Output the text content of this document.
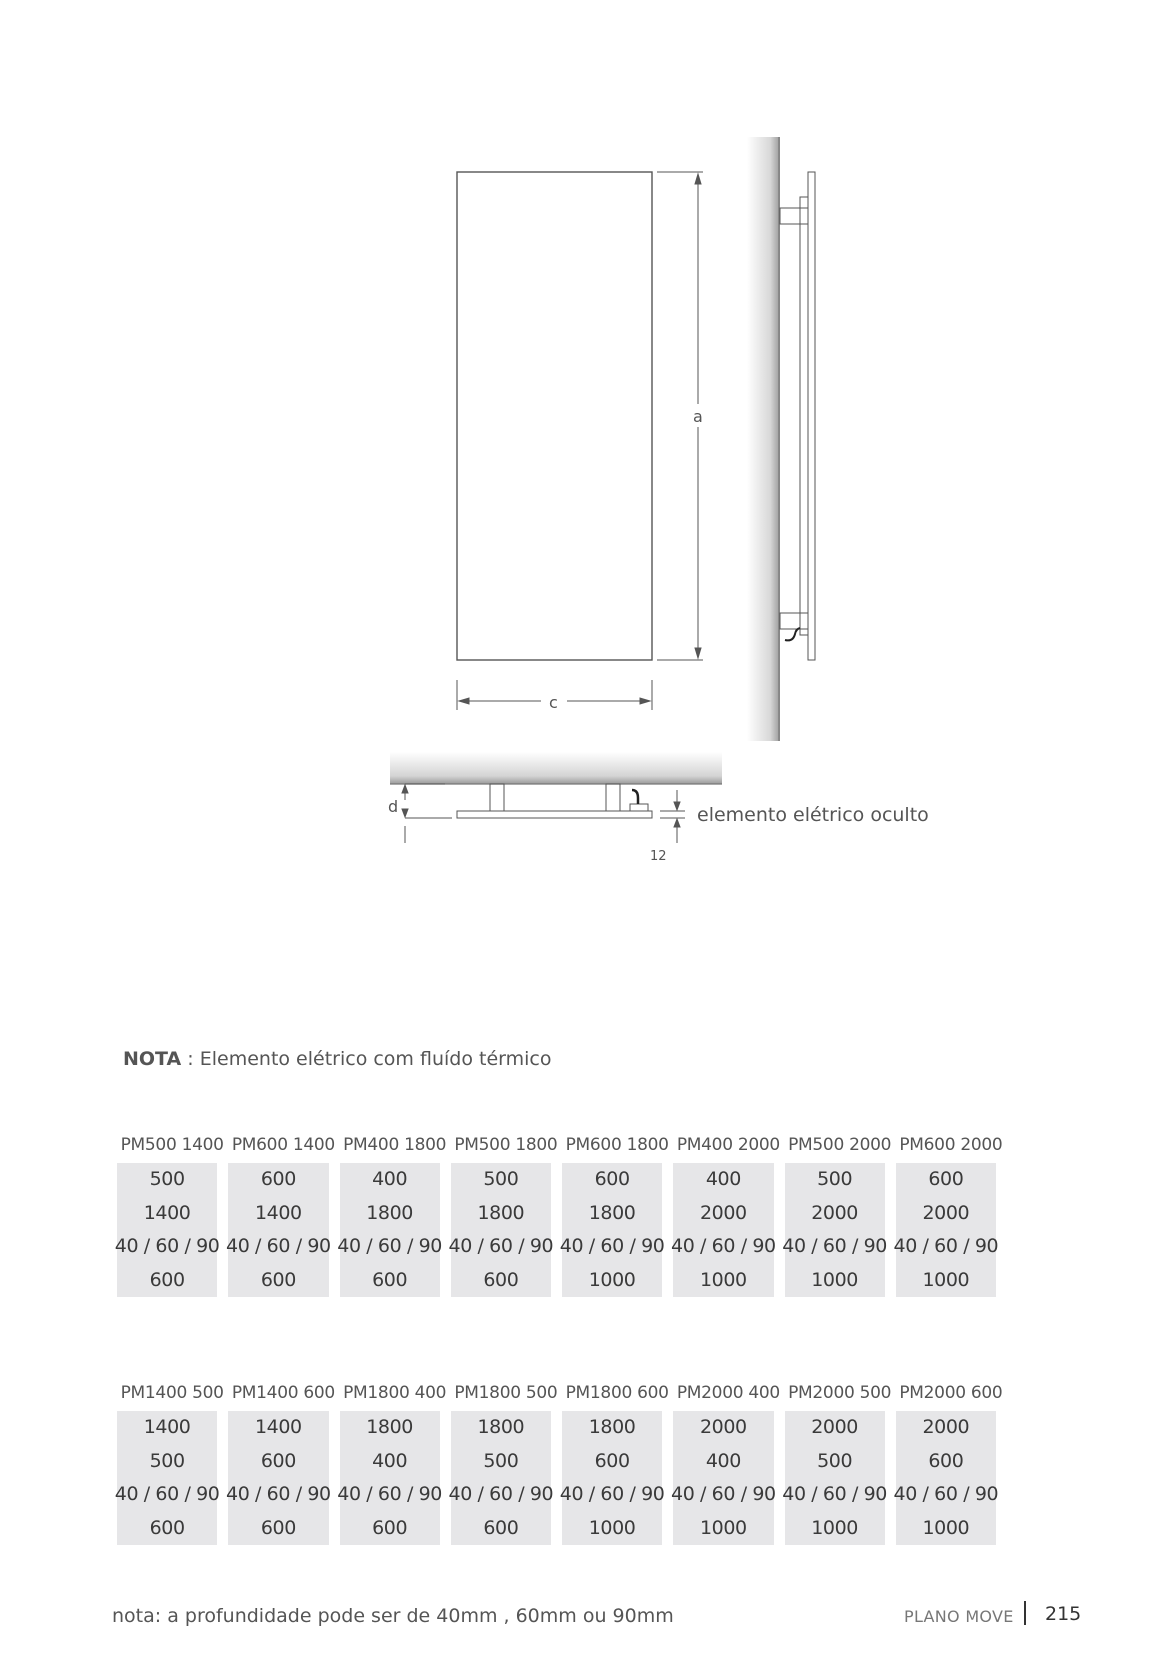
a
c
d
12
elemento elétrico oculto
NOTA : Elemento elétrico com fluído térmico
PM500 1400 PM600 1400 PM400 1800 PM500 1800 PM600 1800 PM400 2000 PM500 2000 PM600 2000
500
1400
40 / 60 / 90
600
600
1400
40 / 60 / 90
600
400
1800
40 / 60 / 90
600
500
1800
40 / 60 / 90
600
600
1800
40 / 60 / 90
1000
400
2000
40 / 60 / 90
1000
500
2000
40 / 60 / 90
1000
600
2000
40 / 60 / 90
1000
PM1400 500 PM1400 600 PM1800 400 PM1800 500 PM1800 600 PM2000 400 PM2000 500 PM2000 600
1400
500
40 / 60 / 90
600
1400
600
40 / 60 / 90
600
1800
400
40 / 60 / 90
600
1800
500
40 / 60 / 90
600
1800
600
40 / 60 / 90
1000
2000
400
40 / 60 / 90
1000
2000
500
40 / 60 / 90
1000
2000
600
40 / 60 / 90
1000
nota: a profundidade pode ser de 40mm , 60mm ou 90mm	PLANO MOVE 215
